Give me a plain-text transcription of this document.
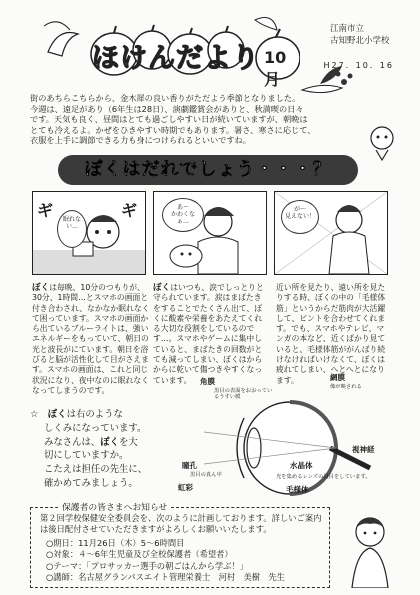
ほけんだより 10月
江南市立
古知野北小学校
H27．10．16
街のあちらこちらから、金木犀の良い香りがただよう季節となりました。
今週は、遠足があり（6年生は28日）、演劇鑑賞会がありと、秋満喫の日々
です。天気も良く、昼間はとても過ごしやすい日が続いていますが、朝晩は
とても冷えるよ。かぜをひきやすい時期でもあります。暑さ、寒さに応じて、
衣服を上手に調節できる力も身につけられるといいですね。
ぼくはだれでしょう・・・？
ギ	ギ
眠れない…
あ〜
かわくなぁ…
が〜
見えない！
ぼくは毎晩、10分のつもりが、30分、1時間…とスマホの画面と付き合わされ、なかなか眠れなくて困っています。スマホの画面から出ているブルーライトは、強いエネルギーをもっていて、朝日の光と波長がにています。朝日を浴びると脳が活性化して目がさえます。スマホの画面は、これと同じ状況になり、夜中なのに眠れなくなってしまうのです。
ぼくはいつも、涙でしっとりと守られています。涙はまばたきをすることでたくさん出て、ぼくに酸素や栄養をあたえてくれる大切な役割をしているのです…。スマホやゲームに集中していると、まばたきの回数がとても減ってしまい、ぼくはからからに乾いて傷つきやすくなっています。
近い所を見たり、遠い所を見たりする時、ぼくの中の「毛様体筋」というからだ筋肉が大活躍して、ピントを合わせてくれます。でも、スマホやテレビ、マンガの本など、近くばかり見ていると、毛様体筋ががんばり続けなければいけなくて、ぼくは疲れてしまい、へとへとになります。
☆　 ぼくは右のような
しくみになっています。
みなさんは、ぼくを大
切にしていますか。
こたえは担任の先生に、
確かめてみましょう。
角膜
黒目の表面をおおっているうすい膜
網膜
像が映される
瞳孔
黒目の真ん中
虹彩
水晶体
光を集めるレンズの役目をしています。
毛様体
視神経
保護者の皆さまへお知らせ
第２回学校保健安全委員会を、次のように計画しております。詳しいご案内は後日配付させていただきますがよろしくお願いいたします。
○期日：11月26日（木）5〜6時間目
○対象：４〜6年生児童及び全校保護者（希望者）
○テーマ：「プロサッカー選手の朝ごはんから学ぶ！」
○講師：名古屋グランパスエイト管理栄養士　河村　美樹　先生
